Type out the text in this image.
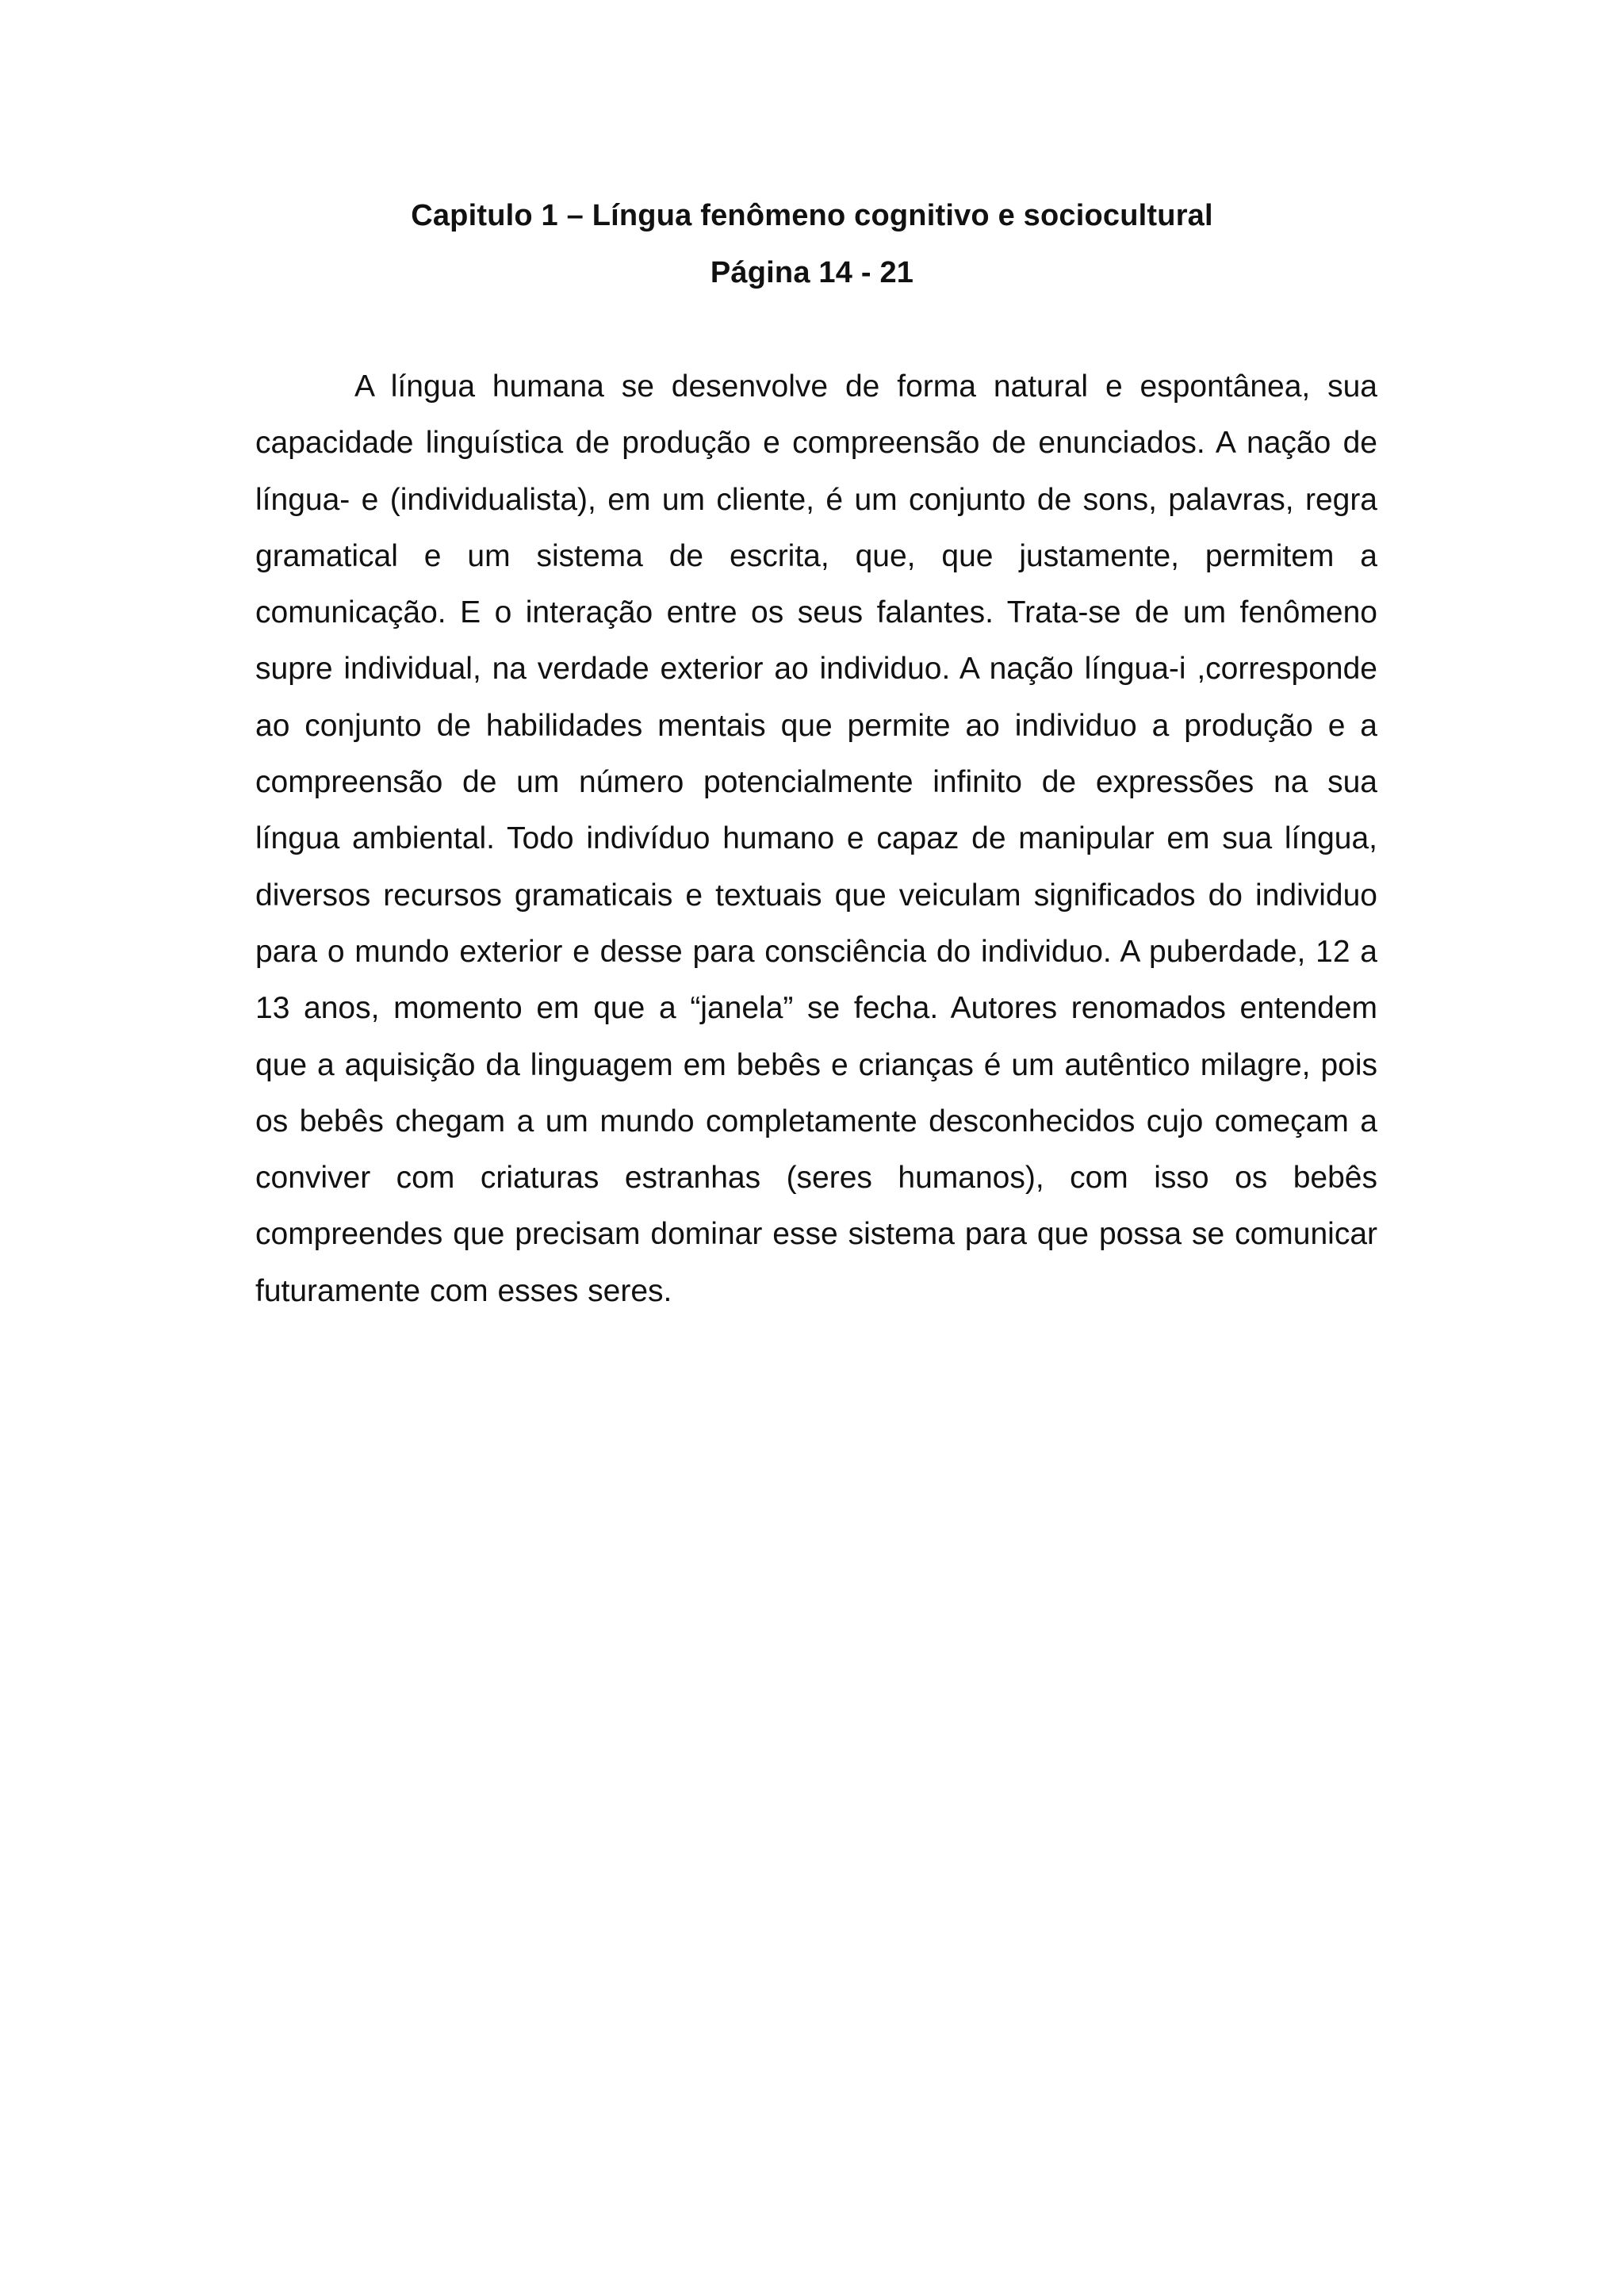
Capitulo 1 – Língua fenômeno cognitivo e sociocultural

Página 14 - 21

A língua humana se desenvolve de forma natural e espontânea, sua capacidade linguística de produção e compreensão de enunciados. A nação de língua- e (individualista), em um cliente, é um conjunto de sons, palavras, regra gramatical e um sistema de escrita, que, que justamente, permitem a comunicação. E o interação entre os seus falantes. Trata-se de um fenômeno supre individual, na verdade exterior ao individuo. A nação língua-i ,corresponde ao conjunto de habilidades mentais que permite ao individuo a produção e a compreensão de um número potencialmente infinito de expressões na sua língua ambiental. Todo indivíduo humano e capaz de manipular em sua língua, diversos recursos gramaticais e textuais que veiculam significados do individuo para o mundo exterior e desse para consciência do individuo. A puberdade, 12 a 13 anos, momento em que a “janela” se fecha. Autores renomados entendem que a aquisição da linguagem em bebês e crianças é um autêntico milagre, pois os bebês chegam a um mundo completamente desconhecidos cujo começam a conviver com criaturas estranhas (seres humanos), com isso os bebês compreendes que precisam dominar esse sistema para que possa se comunicar futuramente com esses seres.
